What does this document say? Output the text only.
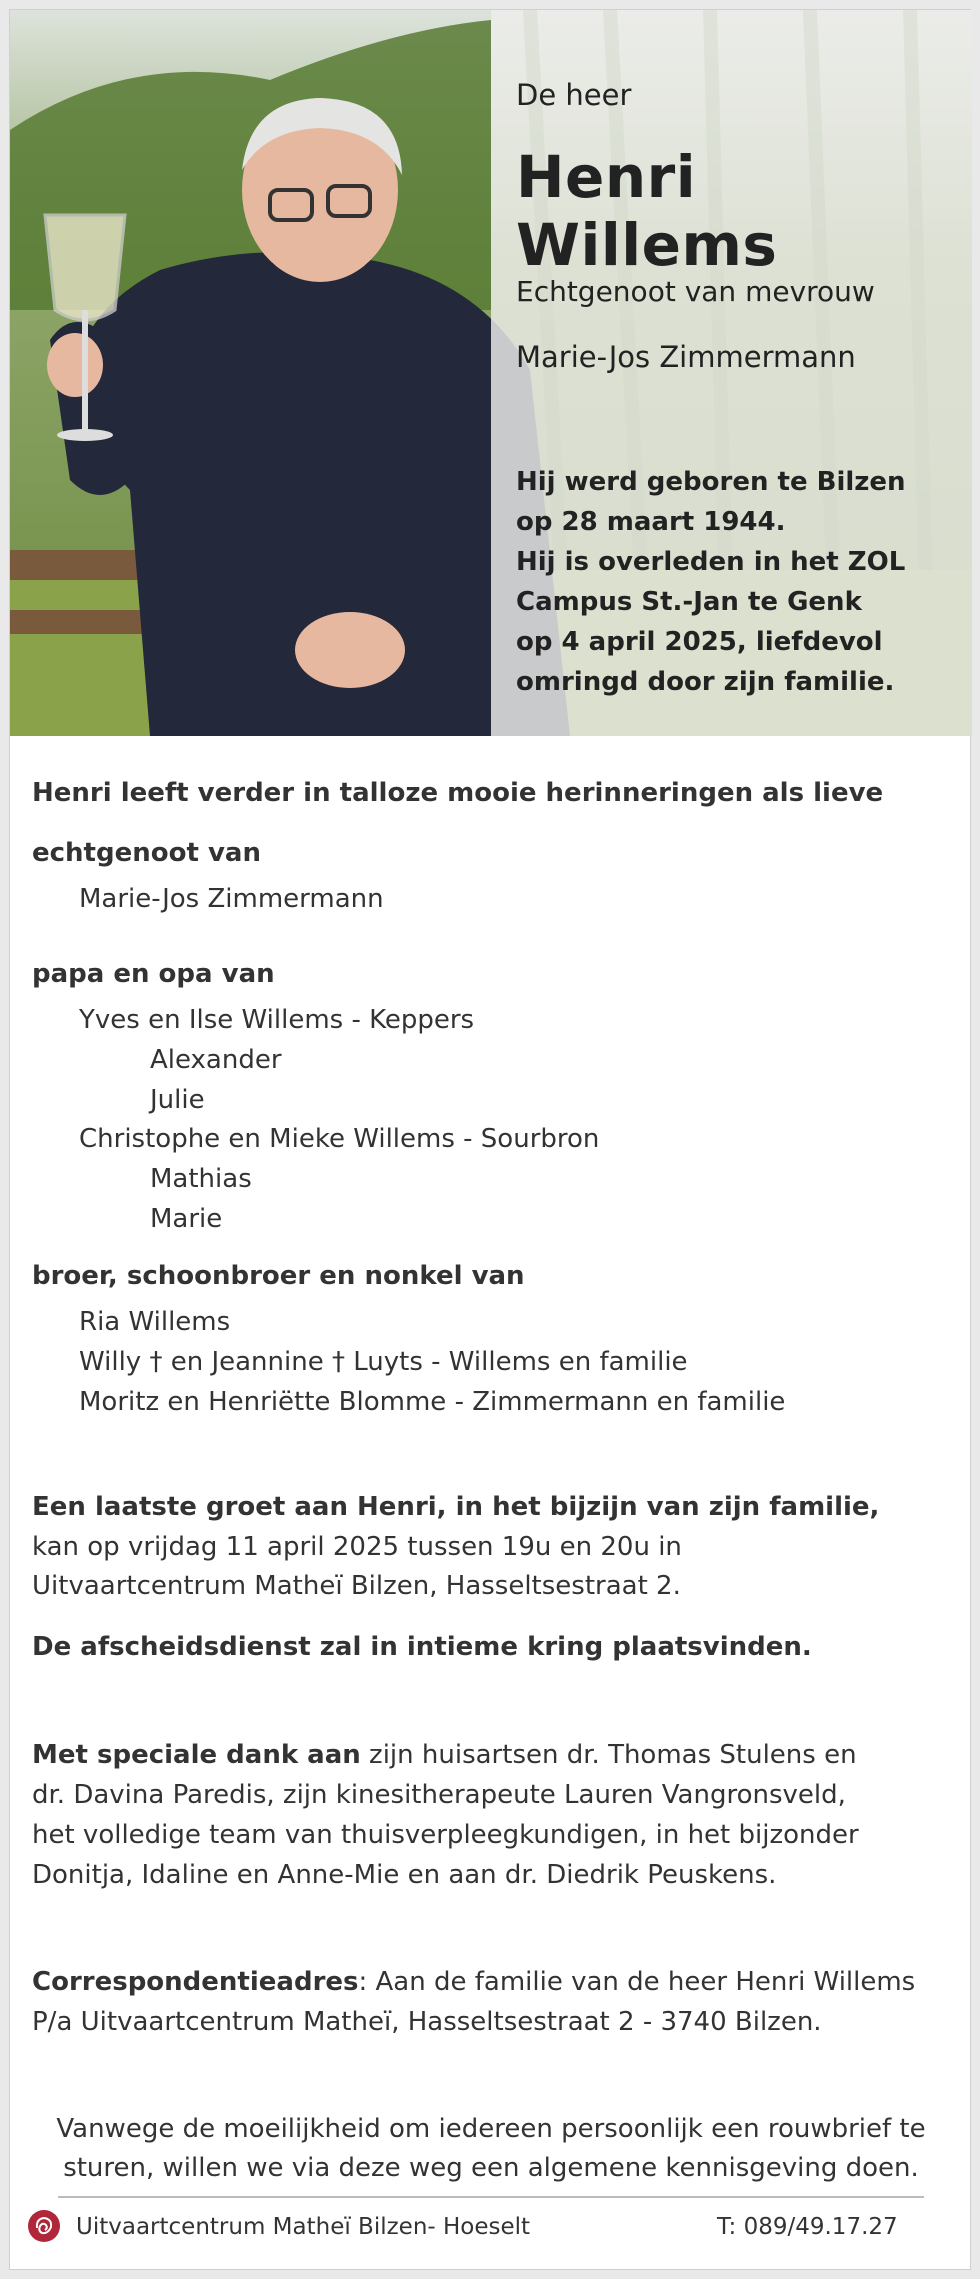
De heer
Henri Willems
Echtgenoot van mevrouw
Marie-Jos Zimmermann
Hij werd geboren te Bilzen
op 28 maart 1944.
Hij is overleden in het ZOL
Campus St.-Jan te Genk
op 4 april 2025, liefdevol
omringd door zijn familie.
Henri leeft verder in talloze mooie herinneringen als lieve
echtgenoot van
Marie-Jos Zimmermann
papa en opa van
Yves en Ilse Willems - Keppers
Alexander
Julie
Christophe en Mieke Willems - Sourbron
Mathias
Marie
broer, schoonbroer en nonkel van
Ria Willems
Willy † en Jeannine † Luyts - Willems en familie
Moritz en Henriëtte Blomme - Zimmermann en familie
Een laatste groet aan Henri, in het bijzijn van zijn familie,
kan op vrijdag 11 april 2025 tussen 19u en 20u in
Uitvaartcentrum Matheï Bilzen, Hasseltsestraat 2.
De afscheidsdienst zal in intieme kring plaatsvinden.
Met speciale dank aan zijn huisartsen dr. Thomas Stulens en
dr. Davina Paredis, zijn kinesitherapeute Lauren Vangronsveld,
het volledige team van thuisverpleegkundigen, in het bijzonder
Donitja, Idaline en Anne-Mie en aan dr. Diedrik Peuskens.
Correspondentieadres: Aan de familie van de heer Henri Willems
P/a Uitvaartcentrum Matheï, Hasseltsestraat 2 - 3740 Bilzen.
Vanwege de moeilijkheid om iedereen persoonlijk een rouwbrief te
sturen, willen we via deze weg een algemene kennisgeving doen.
Uitvaartcentrum Matheï Bilzen- Hoeselt	T: 089/49.17.27
